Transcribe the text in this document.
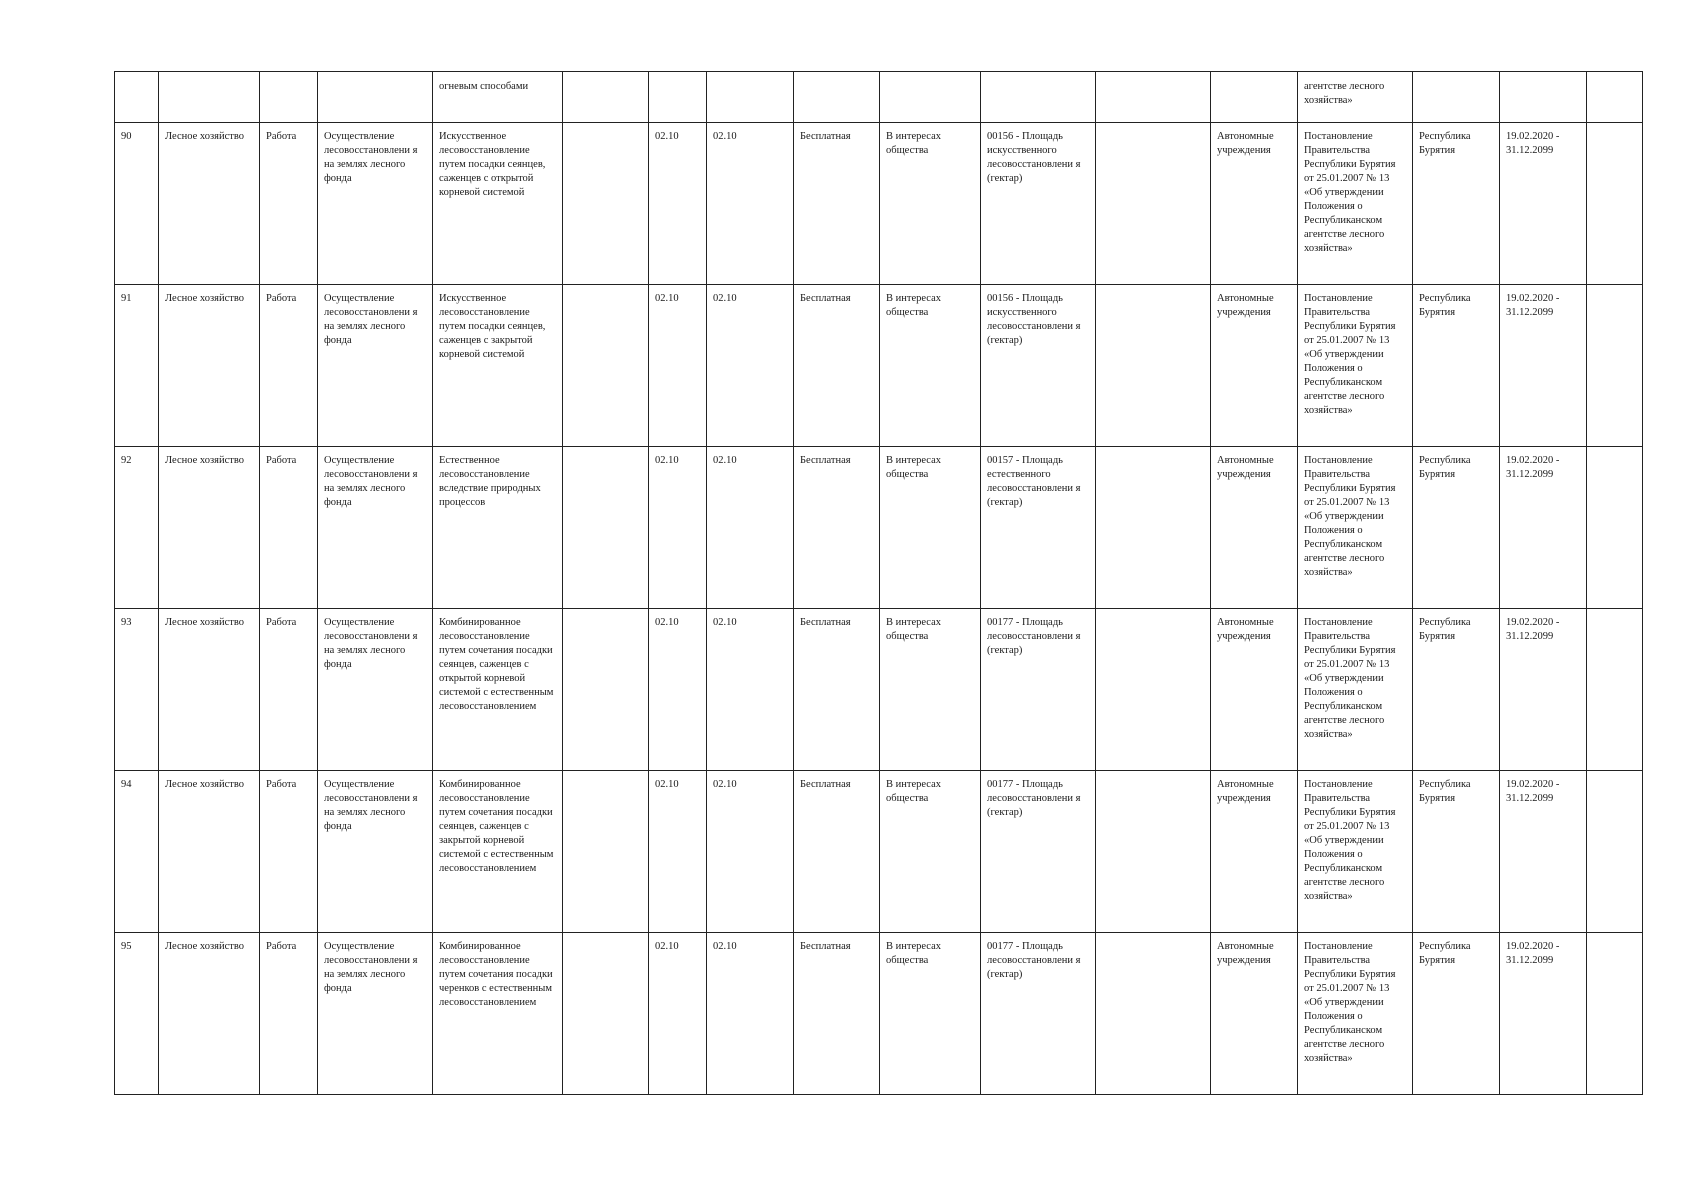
				огневым способами									агентстве лесного хозяйства»			
90	Лесное хозяйство	Работа	Осуществление лесовосстановлени я на землях лесного фонда	Искусственное лесовосстановление путем посадки сеянцев, саженцев с открытой корневой системой		02.10	02.10	Бесплатная	В интересах общества	00156 - Площадь искусственного лесовосстановлени я (гектар)		Автономные учреждения	Постановление Правительства Республики Бурятия от 25.01.2007 № 13 «Об утверждении Положения о Республиканском агентстве лесного хозяйства»	Республика Бурятия	19.02.2020 - 31.12.2099	
91	Лесное хозяйство	Работа	Осуществление лесовосстановлени я на землях лесного фонда	Искусственное лесовосстановление путем посадки сеянцев, саженцев с закрытой корневой системой		02.10	02.10	Бесплатная	В интересах общества	00156 - Площадь искусственного лесовосстановлени я (гектар)		Автономные учреждения	Постановление Правительства Республики Бурятия от 25.01.2007 № 13 «Об утверждении Положения о Республиканском агентстве лесного хозяйства»	Республика Бурятия	19.02.2020 - 31.12.2099	
92	Лесное хозяйство	Работа	Осуществление лесовосстановлени я на землях лесного фонда	Естественное лесовосстановление вследствие природных процессов		02.10	02.10	Бесплатная	В интересах общества	00157 - Площадь естественного лесовосстановлени я (гектар)		Автономные учреждения	Постановление Правительства Республики Бурятия от 25.01.2007 № 13 «Об утверждении Положения о Республиканском агентстве лесного хозяйства»	Республика Бурятия	19.02.2020 - 31.12.2099	
93	Лесное хозяйство	Работа	Осуществление лесовосстановлени я на землях лесного фонда	Комбинированное лесовосстановление путем сочетания посадки сеянцев, саженцев с открытой корневой системой с естественным лесовосстановлением		02.10	02.10	Бесплатная	В интересах общества	00177 - Площадь лесовосстановлени я (гектар)		Автономные учреждения	Постановление Правительства Республики Бурятия от 25.01.2007 № 13 «Об утверждении Положения о Республиканском агентстве лесного хозяйства»	Республика Бурятия	19.02.2020 - 31.12.2099	
94	Лесное хозяйство	Работа	Осуществление лесовосстановлени я на землях лесного фонда	Комбинированное лесовосстановление путем сочетания посадки сеянцев, саженцев с закрытой корневой системой с естественным лесовосстановлением		02.10	02.10	Бесплатная	В интересах общества	00177 - Площадь лесовосстановлени я (гектар)		Автономные учреждения	Постановление Правительства Республики Бурятия от 25.01.2007 № 13 «Об утверждении Положения о Республиканском агентстве лесного хозяйства»	Республика Бурятия	19.02.2020 - 31.12.2099	
95	Лесное хозяйство	Работа	Осуществление лесовосстановлени я на землях лесного фонда	Комбинированное лесовосстановление путем сочетания посадки черенков с естественным лесовосстановлением		02.10	02.10	Бесплатная	В интересах общества	00177 - Площадь лесовосстановлени я (гектар)		Автономные учреждения	Постановление Правительства Республики Бурятия от 25.01.2007 № 13 «Об утверждении Положения о Республиканском агентстве лесного хозяйства»	Республика Бурятия	19.02.2020 - 31.12.2099	
